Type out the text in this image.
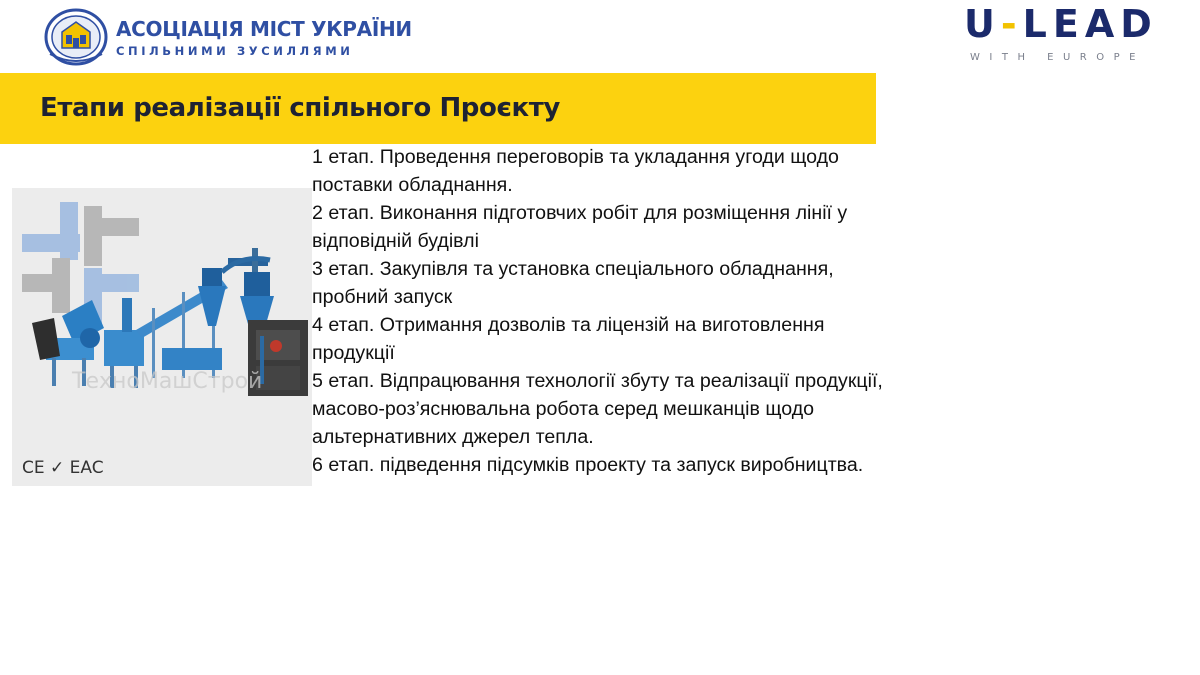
АСОЦІАЦІЯ МІСТ УКРАЇНИ
СПІЛЬНИМИ ЗУСИЛЛЯМИ
U-LEAD
WITH EUROPE
Етапи реалізації спільного Проєкту
ТехноМашСтрой
CE ✓ EAC

1 етап. Проведення переговорів та укладання угоди щодо поставки обладнання.

2 етап. Виконання підготовчих робіт для розміщення лінії у відповідній будівлі

3 етап. Закупівля та установка спеціального обладнання, пробний запуск

4 етап. Отримання дозволів та ліцензій на виготовлення продукції

5 етап. Відпрацювання технології збуту та реалізації продукції, масово-роз’яснювальна робота серед мешканців щодо альтернативних джерел тепла.

6 етап. підведення підсумків проекту та запуск виробництва.
